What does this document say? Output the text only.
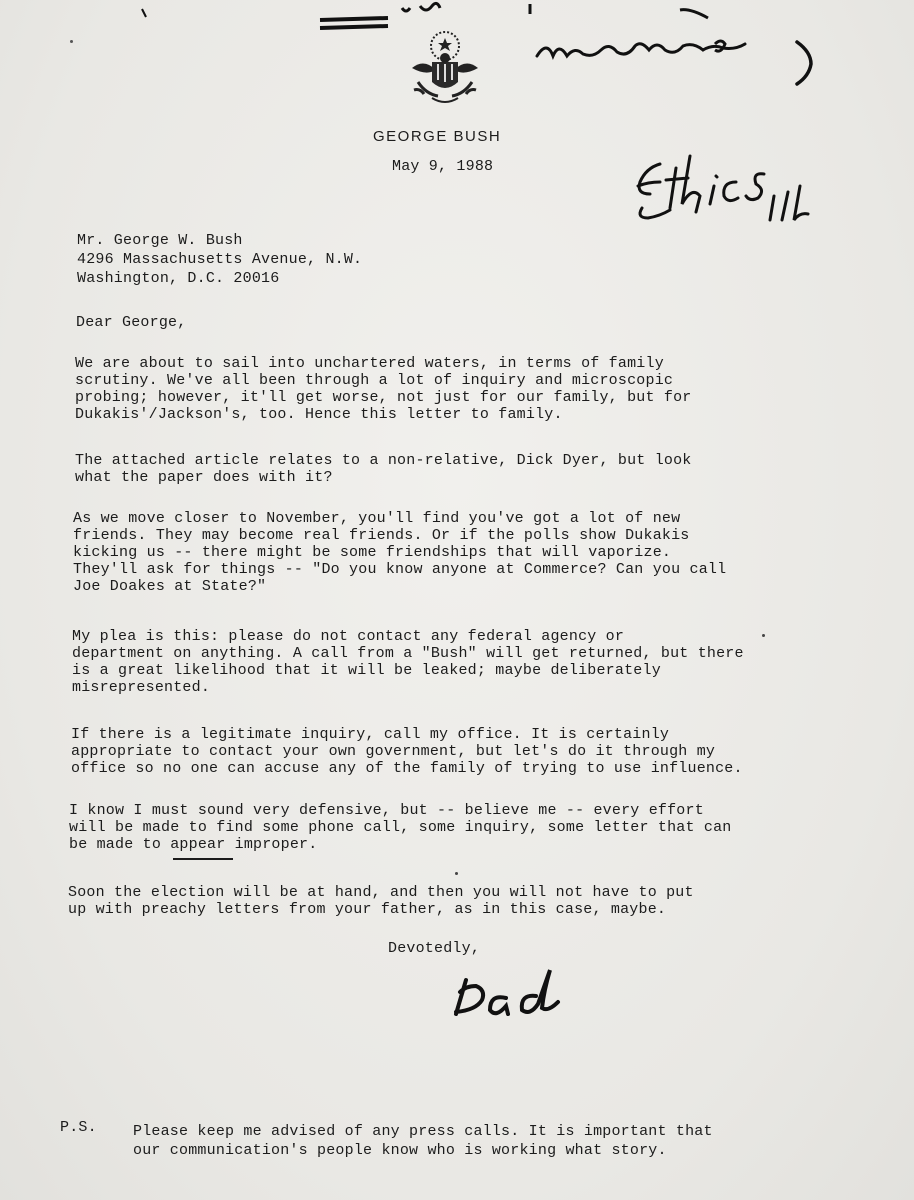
GEORGE BUSH
May 9, 1988
Mr. George W. Bush
4296 Massachusetts Avenue, N.W.
Washington, D.C. 20016
Dear George,
We are about to sail into unchartered waters, in terms of family
scrutiny. We've all been through a lot of inquiry and microscopic
probing; however, it'll get worse, not just for our family, but for
Dukakis'/Jackson's, too. Hence this letter to family.
The attached article relates to a non-relative, Dick Dyer, but look
what the paper does with it?
As we move closer to November, you'll find you've got a lot of new
friends. They may become real friends. Or if the polls show Dukakis
kicking us -- there might be some friendships that will vaporize.
They'll ask for things -- "Do you know anyone at Commerce? Can you call
Joe Doakes at State?"
My plea is this: please do not contact any federal agency or
department on anything. A call from a "Bush" will get returned, but there
is a great likelihood that it will be leaked; maybe deliberately
misrepresented.
If there is a legitimate inquiry, call my office. It is certainly
appropriate to contact your own government, but let's do it through my
office so no one can accuse any of the family of trying to use influence.
I know I must sound very defensive, but -- believe me -- every effort
will be made to find some phone call, some inquiry, some letter that can
be made to appear improper.
Soon the election will be at hand, and then you will not have to put
up with preachy letters from your father, as in this case, maybe.
Devotedly,
P.S. Please keep me advised of any press calls. It is important that
our communication's people know who is working what story.
